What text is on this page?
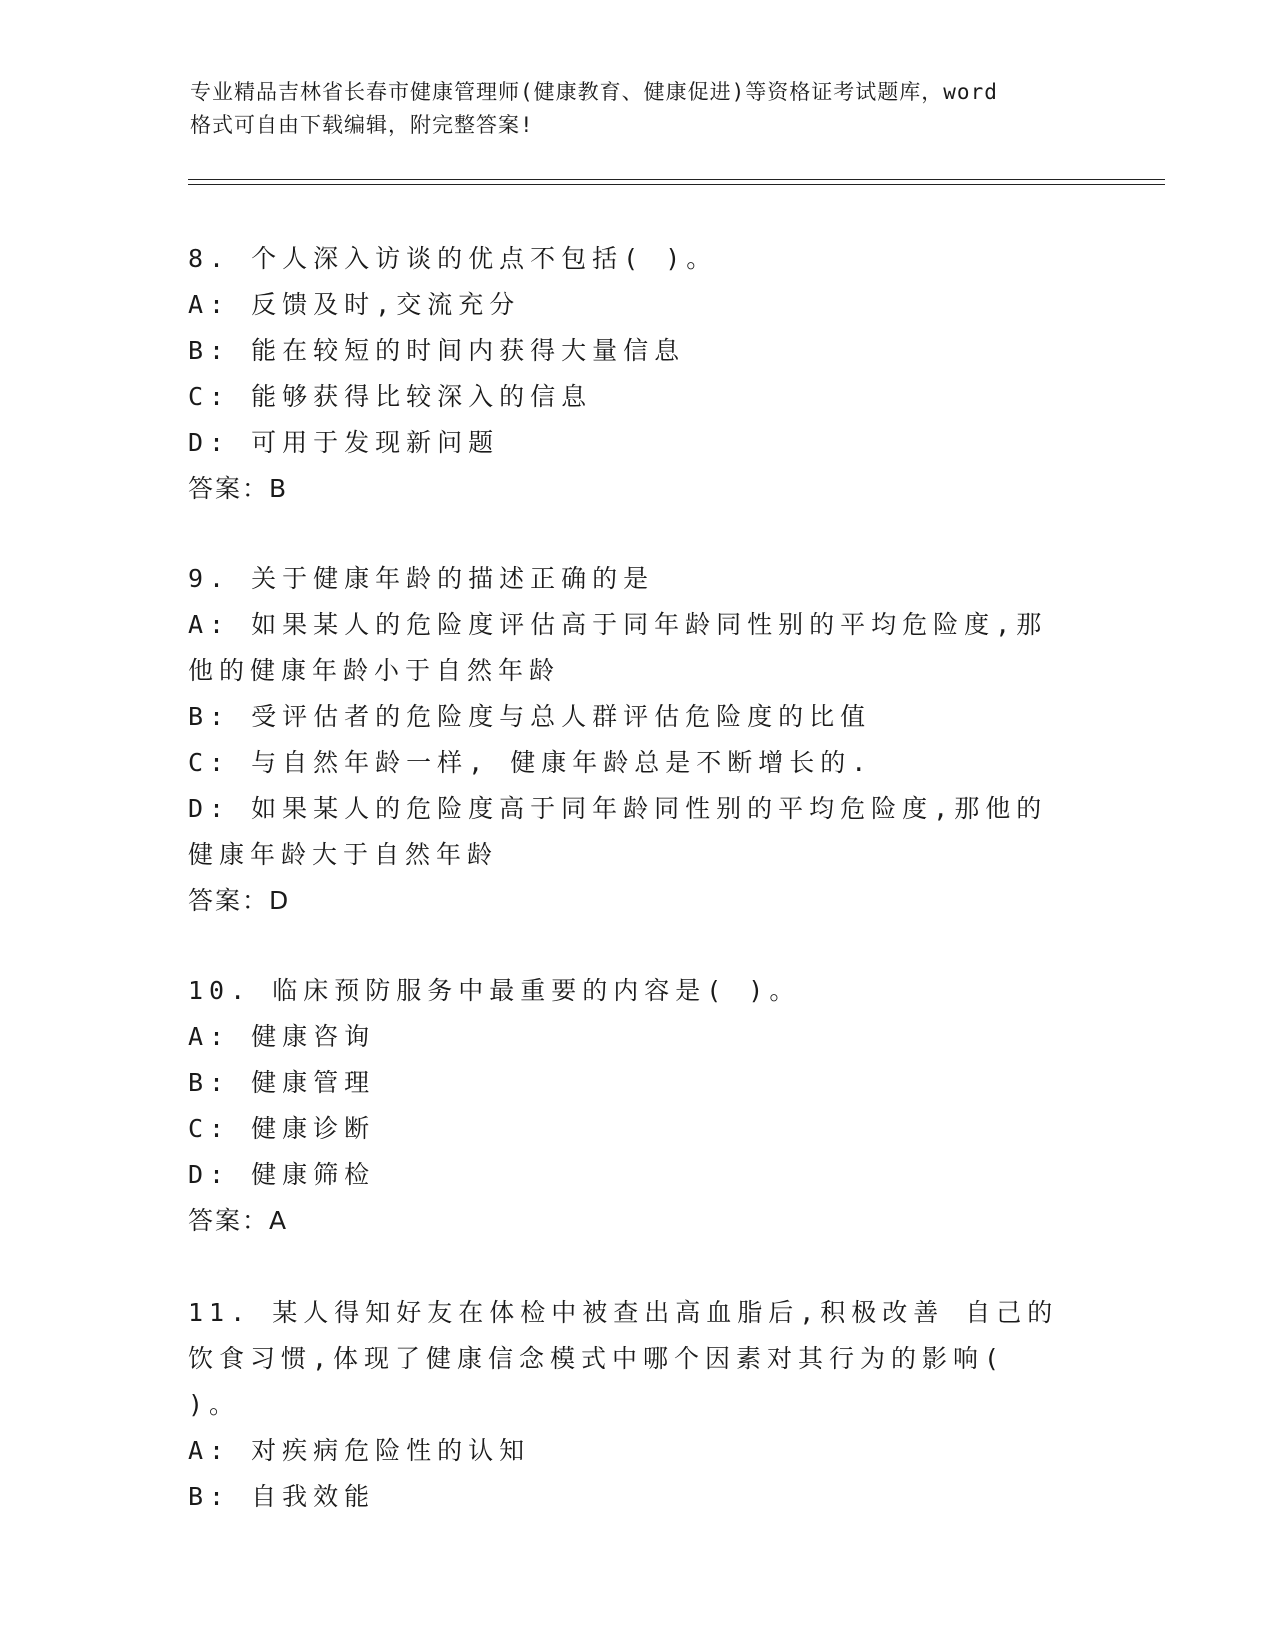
专业精品吉林省长春市健康管理师(健康教育、健康促进)等资格证考试题库，word
格式可自由下载编辑，附完整答案!
8. 个人深入访谈的优点不包括( )。
A: 反馈及时,交流充分
B: 能在较短的时间内获得大量信息
C: 能够获得比较深入的信息
D: 可用于发现新问题
答案：B
9. 关于健康年龄的描述正确的是
A: 如果某人的危险度评估高于同年龄同性别的平均危险度,那他的健康年龄小于自然年龄
B: 受评估者的危险度与总人群评估危险度的比值
C: 与自然年龄一样, 健康年龄总是不断增长的.
D: 如果某人的危险度高于同年龄同性别的平均危险度,那他的健康年龄大于自然年龄
答案：D
10. 临床预防服务中最重要的内容是( )。
A: 健康咨询
B: 健康管理
C: 健康诊断
D: 健康筛检
答案：A
11. 某人得知好友在体检中被查出高血脂后,积极改善 自己的饮食习惯,体现了健康信念模式中哪个因素对其行为的影响( )。
A: 对疾病危险性的认知
B: 自我效能
